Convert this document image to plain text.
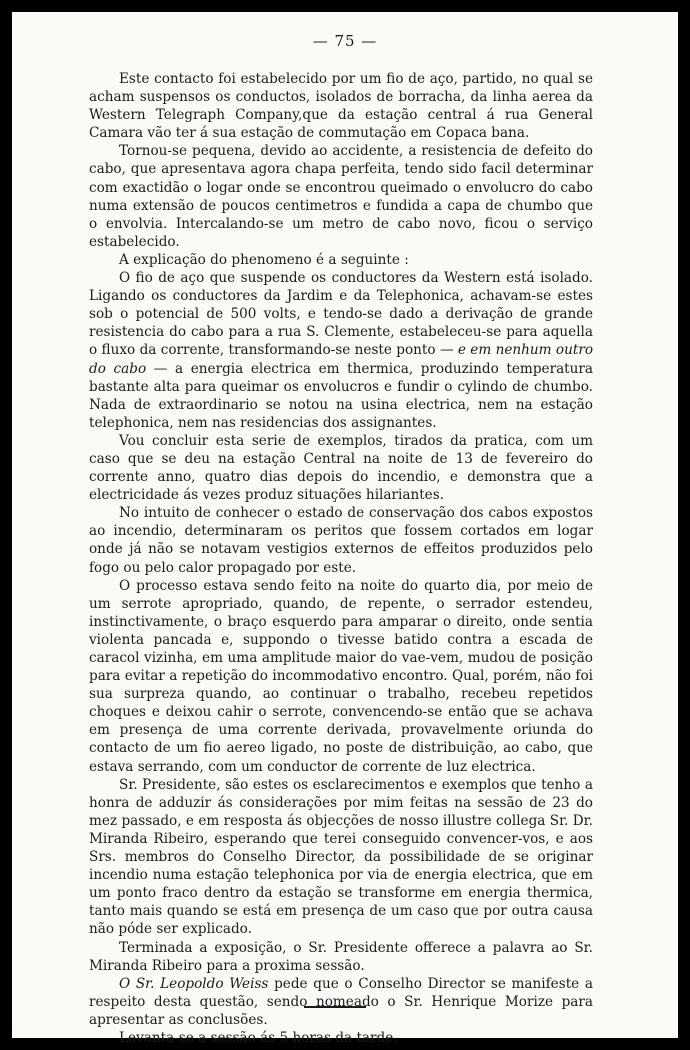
— 75 —

Este contacto foi estabelecido por um fio de aço, partido, no qual se acham suspensos os conductos, isolados de borracha, da linha aerea da Western Telegraph Company,que da estação central á rua General Camara vão ter á sua estação de commutação em Copaca bana.

Tornou-se pequena, devido ao accidente, a resistencia de defeito do cabo, que apresentava agora chapa perfeita, tendo sido facil determinar com exactidão o logar onde se encontrou queimado o envolucro do cabo numa extensão de poucos centimetros e fundida a capa de chumbo que o envolvia. Intercalando-se um metro de cabo novo, ficou o serviço estabelecido.

A explicação do phenomeno é a seguinte :

O fio de aço que suspende os conductores da Western está isolado. Ligando os conductores da Jardim e da Telephonica, achavam-se estes sob o potencial de 500 volts, e tendo-se dado a derivação de grande resistencia do cabo para a rua S. Clemente, estabeleceu-se para aquella o fluxo da corrente, transformando-se neste ponto — e em nenhum outro do cabo — a energia electrica em thermica, produzindo temperatura bastante alta para queimar os envolucros e fundir o cylindo de chumbo. Nada de extraordinario se notou na usina electrica, nem na estação telephonica, nem nas residencias dos assignantes.

Vou concluir esta serie de exemplos, tirados da pratica, com um caso que se deu na estação Central na noite de 13 de fevereiro do corrente anno, quatro dias depois do incendio, e demonstra que a electricidade ás vezes produz situações hilariantes.

No intuito de conhecer o estado de conservação dos cabos expostos ao incendio, determinaram os peritos que fossem cortados em logar onde já não se notavam vestigios externos de effeitos produzidos pelo fogo ou pelo calor propagado por este.

O processo estava sendo feito na noite do quarto dia, por meio de um serrote apropriado, quando, de repente, o serrador estendeu, instinctivamente, o braço esquerdo para amparar o direito, onde sentia violenta pancada e, suppondo o tivesse batido contra a escada de caracol vizinha, em uma amplitude maior do vae-vem, mudou de posição para evitar a repetição do incommodativo encontro. Qual, porém, não foi sua surpreza quando, ao continuar o trabalho, recebeu repetidos choques e deixou cahir o serrote, convencendo-se então que se achava em presença de uma corrente derivada, provavelmente oriunda do contacto de um fio aereo ligado, no poste de distribuição, ao cabo, que estava serrando, com um conductor de corrente de luz electrica.

Sr. Presidente, são estes os esclarecimentos e exemplos que tenho a honra de adduzir ás considerações por mim feitas na sessão de 23 do mez passado, e em resposta ás objecções de nosso illustre collega Sr. Dr. Miranda Ribeiro, esperando que terei conseguido convencer-vos, e aos Srs. membros do Conselho Director, da possibilidade de se originar incendio numa estação telephonica por via de energia electrica, que em um ponto fraco dentro da estação se transforme em energia thermica, tanto mais quando se está em presença de um caso que por outra causa não póde ser explicado.

Terminada a exposição, o Sr. Presidente offerece a palavra ao Sr. Miranda Ribeiro para a proxima sessão.

O Sr. Leopoldo Weiss pede que o Conselho Director se manifeste a respeito desta questão, sendo nomeado o Sr. Henrique Morize para apresentar as conclusões.

Levanta-se a sessão ás 5 horas da tarde.
